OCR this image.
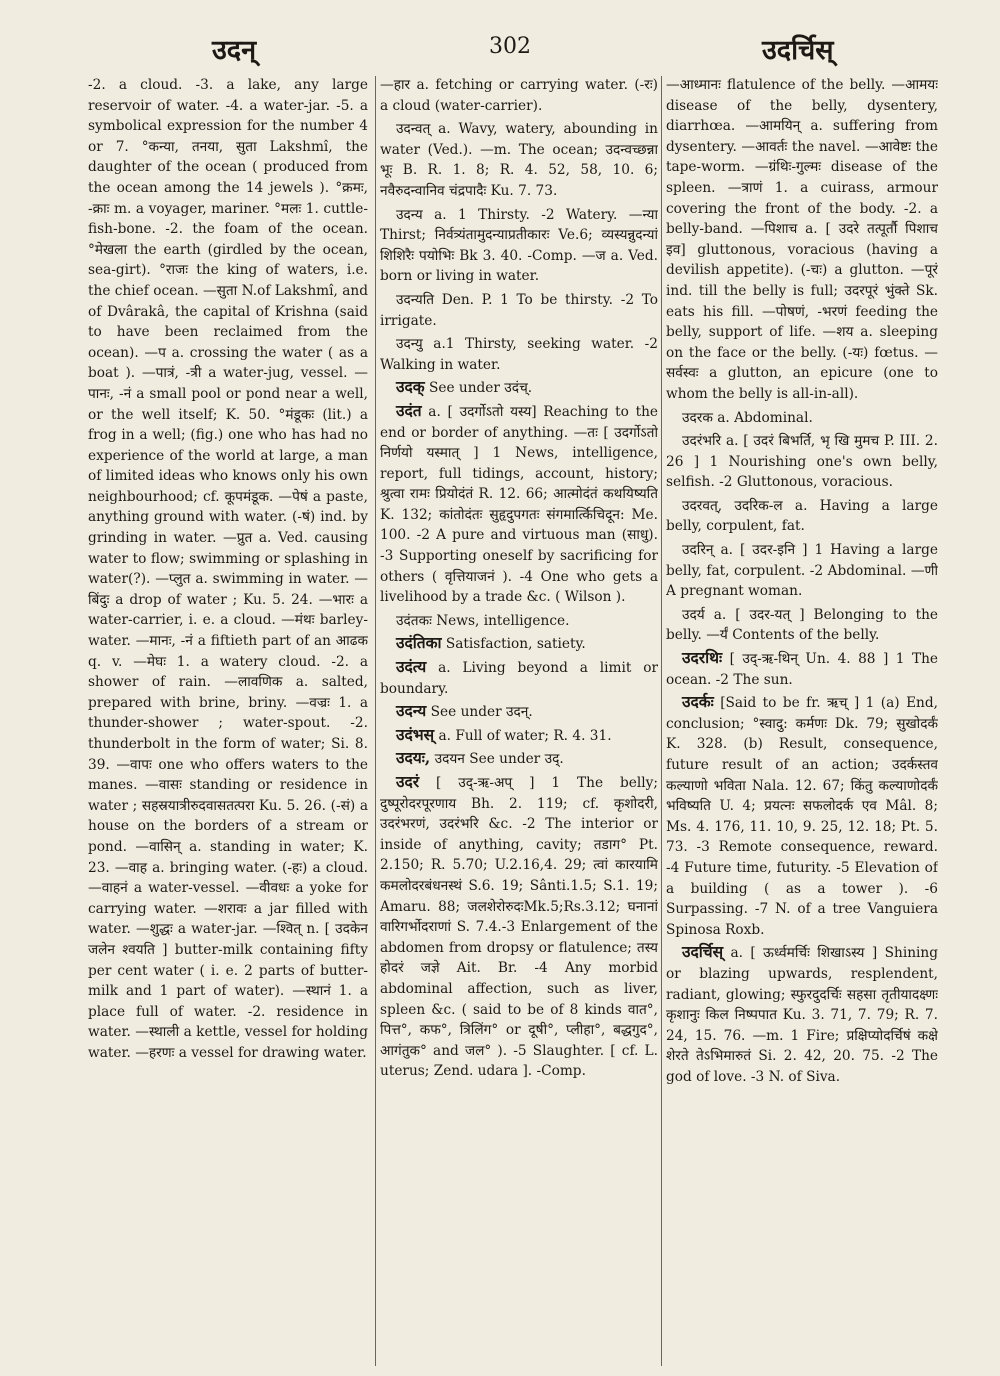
उदन्	302	उदर्चिस्

-2. a cloud. -3. a lake, any large reservoir of water. -4. a water-jar. -5. a symbolical expression for the number 4 or 7. °कन्या, तनया, सुता Lakshmî, the daughter of the ocean ( produced from the ocean among the 14 jewels ). °क्रमः, -क्राः m. a voyager, mariner. °मलः 1. cuttle-fish-bone. -2. the foam of the ocean. °मेखला the earth (girdled by the ocean, sea-girt). °राजः the king of waters, i.e. the chief ocean. —सुता N.of Lakshmî, and of Dvârakâ, the capital of Krishna (said to have been reclaimed from the ocean). —प a. crossing the water ( as a boat ). —पात्रं, -त्री a water-jug, vessel. —पानः, -नं a small pool or pond near a well, or the well itself; K. 50. °मंडूकः (lit.) a frog in a well; (fig.) one who has had no experience of the world at large, a man of limited ideas who knows only his own neighbourhood; cf. कूपमंडूक. —पेषं a paste, anything ground with water. (-षं) ind. by grinding in water. —प्रुत a. Ved. causing water to flow; swimming or splashing in water(?). —प्लुत a. swimming in water. —बिंदुः a drop of water ; Ku. 5. 24. —भारः a water-carrier, i. e. a cloud. —मंथः barley-water. —मानः, -नं a fiftieth part of an आढक q. v. —मेघः 1. a watery cloud. -2. a shower of rain. —लावणिक a. salted, prepared with brine, briny. —वज्रः 1. a thunder-shower ; water-spout. -2. thunderbolt in the form of water; Si. 8. 39. —वापः one who offers waters to the manes. —वासः standing or residence in water ; सहस्रयात्रीरुदवासतत्परा Ku. 5. 26. (-सं) a house on the borders of a stream or pond. —वासिन् a. standing in water; K. 23. —वाह a. bringing water. (-हः) a cloud. —वाहनं a water-vessel. —वीवधः a yoke for carrying water. —शरावः a jar filled with water. —शुद्धः a water-jar. —श्वित् n. [ उदकेन जलेन श्वयति ] butter-milk containing fifty per cent water ( i. e. 2 parts of butter-milk and 1 part of water). —स्थानं 1. a place full of water. -2. residence in water. —स्थाली a kettle, vessel for holding water. —हरणः a vessel for drawing water.

—हार a. fetching or carrying water. (-रः) a cloud (water-carrier).

उदन्वत् a. Wavy, watery, abounding in water (Ved.). —m. The ocean; उदन्वच्छन्ना भूः B. R. 1. 8; R. 4. 52, 58, 10. 6; नवैरुदन्वानिव चंद्रपादैः Ku. 7. 73.

उदन्य a. 1 Thirsty. -2 Watery. —न्या Thirst; निर्वत्र्यंतामुदन्याप्रतीकारः Ve.6; व्यस्यन्नुदन्यां शिशिरैः पयोभिः Bk 3. 40. -Comp. —ज a. Ved. born or living in water.

उदन्यति Den. P. 1 To be thirsty. -2 To irrigate.

उदन्यु a.1 Thirsty, seeking water. -2 Walking in water.

उदक् See under उदंच्.

उदंत a. [ उदर्गोऽतो यस्य] Reaching to the end or border of anything. —तः [ उदर्गोऽतो निर्णयो यस्मात् ] 1 News, intelligence, report, full tidings, account, history; श्रुत्वा रामः प्रियोदंतं R. 12. 66; आत्मोदंतं कथयिष्यति K. 132; कांतोदंतः सुहृदुपगतः संगमार्त्किचिदून: Me. 100. -2 A pure and virtuous man (साधु). -3 Supporting oneself by sacrificing for others ( वृत्तियाजनं ). -4 One who gets a livelihood by a trade &c. ( Wilson ).

उदंतकः News, intelligence.

उदंतिका Satisfaction, satiety.

उदंत्य a. Living beyond a limit or boundary.

उदन्य See under उदन्.

उदंभस् a. Full of water; R. 4. 31.

उदयः, उदयन See under उद्.

उदरं [ उद्-ऋ-अप् ] 1 The belly; दुष्पूरोदरपूरणाय Bh. 2. 119; cf. कृशोदरी, उदरंभरणं, उदरंभरि &c. -2 The interior or inside of anything, cavity; तडाग° Pt. 2.150; R. 5.70; U.2.16,4. 29; त्वां कारयामि कमलोदरबंधनस्थं S.6. 19; Sânti.1.5; S.1. 19; Amaru. 88; जलशेरोरुदःMk.5;Rs.3.12; घनानां वारिगर्भोदराणां S. 7.4.-3 Enlargement of the abdomen from dropsy or flatulence; तस्य होदरं जज्ञे Ait. Br. -4 Any morbid abdominal affection, such as liver, spleen &c. ( said to be of 8 kinds वात°, पित्त°, कफ°, त्रिलिंग° or दूषी°, प्लीहा°, बद्धगुद°, आगंतुक° and जल° ). -5 Slaughter. [ cf. L. uterus; Zend. udara ]. -Comp.

—आध्मानः flatulence of the belly. —आमयः disease of the belly, dysentery, diarrhœa. —आमयिन् a. suffering from dysentery. —आवर्तः the navel. —आवेष्टः the tape-worm. —ग्रंथिः-गुल्मः disease of the spleen. —त्राणं 1. a cuirass, armour covering the front of the body. -2. a belly-band. —पिशाच a. [ उदरे तत्पूर्तौ पिशाच इव] gluttonous, voracious (having a devilish appetite). (-चः) a glutton. —पूरं ind. till the belly is full; उदरपूरं भुंक्ते Sk. eats his fill. —पोषणं, -भरणं feeding the belly, support of life. —शय a. sleeping on the face or the belly. (-यः) fœtus. —सर्वस्वः a glutton, an epicure (one to whom the belly is all-in-all).

उदरक a. Abdominal.

उदरंभरि a. [ उदरं बिभर्ति, भृ खि मुमच P. III. 2. 26 ] 1 Nourishing one's own belly, selfish. -2 Gluttonous, voracious.

उदरवत्, उदरिक-ल a. Having a large belly, corpulent, fat.

उदरिन् a. [ उदर-इनि ] 1 Having a large belly, fat, corpulent. -2 Abdominal. —णी A pregnant woman.

उदर्य a. [ उदर-यत् ] Belonging to the belly. —र्यं Contents of the belly.

उदरथिः [ उद्-ऋ-थिन् Un. 4. 88 ] 1 The ocean. -2 The sun.

उदर्कः [Said to be fr. ऋच् ] 1 (a) End, conclusion; °स्वादु: कर्मणः Dk. 79; सुखोदर्कं K. 328. (b) Result, consequence, future result of an action; उदर्कस्तव कल्याणो भविता Nala. 12. 67; किंतु कल्याणोदर्कं भविष्यति U. 4; प्रयत्नः सफलोदर्क एव Mâl. 8; Ms. 4. 176, 11. 10, 9. 25, 12. 18; Pt. 5. 73. -3 Remote consequence, reward. -4 Future time, futurity. -5 Elevation of a building ( as a tower ). -6 Surpassing. -7 N. of a tree Vanguiera Spinosa Roxb.

उदर्चिस् a. [ ऊर्ध्वमर्चिः शिखाऽस्य ] Shining or blazing upwards, resplendent, radiant, glowing; स्फुरदुदर्चिः सहसा तृतीयादक्ष्णः कृशानुः किल निष्पपात Ku. 3. 71, 7. 79; R. 7. 24, 15. 76. —m. 1 Fire; प्रक्षिप्योदर्चिषं कक्षे शेरते तेऽभिमारुतं Si. 2. 42, 20. 75. -2 The god of love. -3 N. of Siva.
